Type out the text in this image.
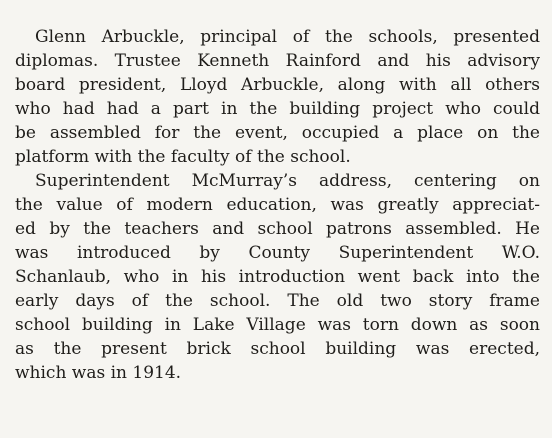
Glenn Arbuckle, principal of the schools, presented
diplomas. Trustee Kenneth Rainford and his advisory
board president, Lloyd Arbuckle, along with all others
who had had a part in the building project who could
be assembled for the event, occupied a place on the
platform with the faculty of the school.
Superintendent McMurray’s address, centering on
the value of modern education, was greatly appreciat-
ed by the teachers and school patrons assembled. He
was introduced by County Superintendent W.O.
Schanlaub, who in his introduction went back into the
early days of the school. The old two story frame
school building in Lake Village was torn down as soon
as the present brick school building was erected,
which was in 1914.
